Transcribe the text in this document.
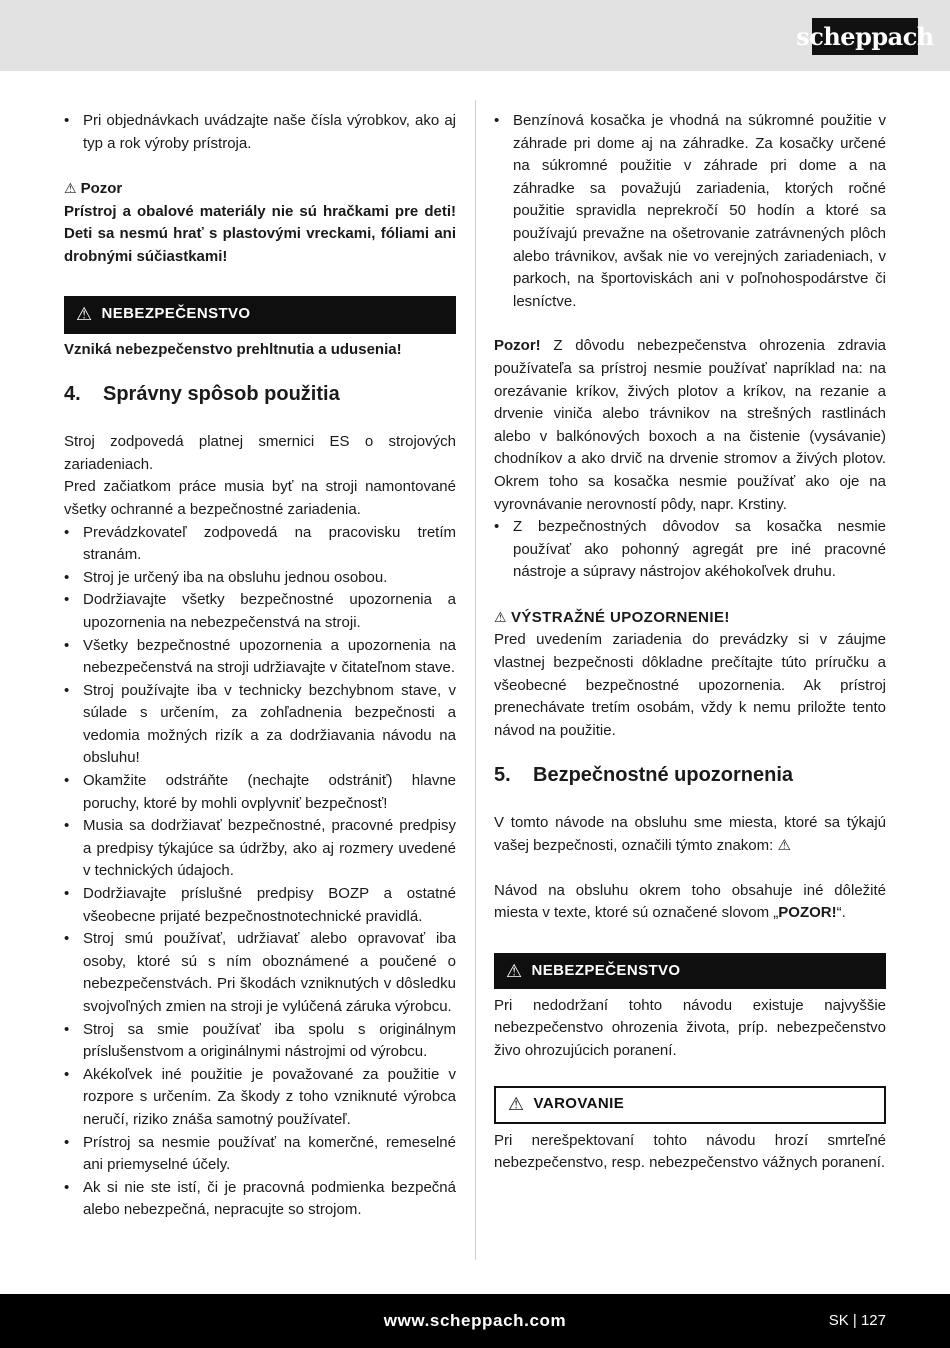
scheppach
• Pri objednávkach uvádzajte naše čísla výrobkov, ako aj typ a rok výroby prístroja.

⚠ Pozor

Prístroj a obalové materiály nie sú hračkami pre deti! Deti sa nesmú hrať s plastovými vreckami, fóliami ani drobnými súčiastkami!

⚠ NEBEZPEČENSTVO

Vzniká nebezpečenstvo prehltnutia a udusenia!

4.	Správny spôsob použitia

Stroj zodpovedá platnej smernici ES o strojových zariadeniach.

Pred začiatkom práce musia byť na stroji namontované všetky ochranné a bezpečnostné zariadenia.

• Prevádzkovateľ zodpovedá na pracovisku tretím stranám.
• Stroj je určený iba na obsluhu jednou osobou.
• Dodržiavajte všetky bezpečnostné upozornenia a upozornenia na nebezpečenstvá na stroji.
• Všetky bezpečnostné upozornenia a upozornenia na nebezpečenstvá na stroji udržiavajte v čitateľnom stave.
• Stroj používajte iba v technicky bezchybnom stave, v súlade s určením, za zohľadnenia bezpečnosti a vedomia možných rizík a za dodržiavania návodu na obsluhu!
• Okamžite odstráňte (nechajte odstrániť) hlavne poruchy, ktoré by mohli ovplyvniť bezpečnosť!
• Musia sa dodržiavať bezpečnostné, pracovné predpisy a predpisy týkajúce sa údržby, ako aj rozmery uvedené v technických údajoch.
• Dodržiavajte príslušné predpisy BOZP a ostatné všeobecne prijaté bezpečnostnotechnické pravidlá.
• Stroj smú používať, udržiavať alebo opravovať iba osoby, ktoré sú s ním oboznámené a poučené o nebezpečenstvách. Pri škodách vzniknutých v dôsledku svojvoľných zmien na stroji je vylúčená záruka výrobcu.
• Stroj sa smie používať iba spolu s originálnym príslušenstvom a originálnymi nástrojmi od výrobcu.
• Akékoľvek iné použitie je považované za použitie v rozpore s určením. Za škody z toho vzniknuté výrobca neručí, riziko znáša samotný používateľ.
• Prístroj sa nesmie používať na komerčné, remeselné ani priemyselné účely.
• Ak si nie ste istí, či je pracovná podmienka bezpečná alebo nebezpečná, nepracujte so strojom.
• Benzínová kosačka je vhodná na súkromné použitie v záhrade pri dome aj na záhradke. Za kosačky určené na súkromné použitie v záhrade pri dome a na záhradke sa považujú zariadenia, ktorých ročné použitie spravidla neprekročí 50 hodín a ktoré sa používajú prevažne na ošetrovanie zatrávnených plôch alebo trávnikov, avšak nie vo verejných zariadeniach, v parkoch, na športoviskách ani v poľnohospodárstve či lesníctve.

Pozor! Z dôvodu nebezpečenstva ohrozenia zdravia používateľa sa prístroj nesmie používať napríklad na: na orezávanie kríkov, živých plotov a kríkov, na rezanie a drvenie viniča alebo trávnikov na strešných rastlinách alebo v balkónových boxoch a na čistenie (vysávanie) chodníkov a ako drvič na drvenie stromov a živých plotov. Okrem toho sa kosačka nesmie používať ako oje na vyrovnávanie nerovností pôdy, napr. Krstiny.

• Z bezpečnostných dôvodov sa kosačka nesmie používať ako pohonný agregát pre iné pracovné nástroje a súpravy nástrojov akéhokoľvek druhu.

⚠ VÝSTRAŽNÉ UPOZORNENIE!

Pred uvedením zariadenia do prevádzky si v záujme vlastnej bezpečnosti dôkladne prečítajte túto príručku a všeobecné bezpečnostné upozornenia. Ak prístroj prenechávate tretím osobám, vždy k nemu priložte tento návod na použitie.

5.	Bezpečnostné upozornenia

V tomto návode na obsluhu sme miesta, ktoré sa týkajú vašej bezpečnosti, označili týmto znakom: ⚠

Návod na obsluhu okrem toho obsahuje iné dôležité miesta v texte, ktoré sú označené slovom „POZOR!“.

⚠ NEBEZPEČENSTVO

Pri nedodržaní tohto návodu existuje najvyššie nebezpečenstvo ohrozenia života, príp. nebezpečenstvo živo ohrozujúcich poranení.

⚠ VAROVANIE

Pri nerešpektovaní tohto návodu hrozí smrteľné nebezpečenstvo, resp. nebezpečenstvo vážnych poranení.

www.scheppach.com	SK | 127
